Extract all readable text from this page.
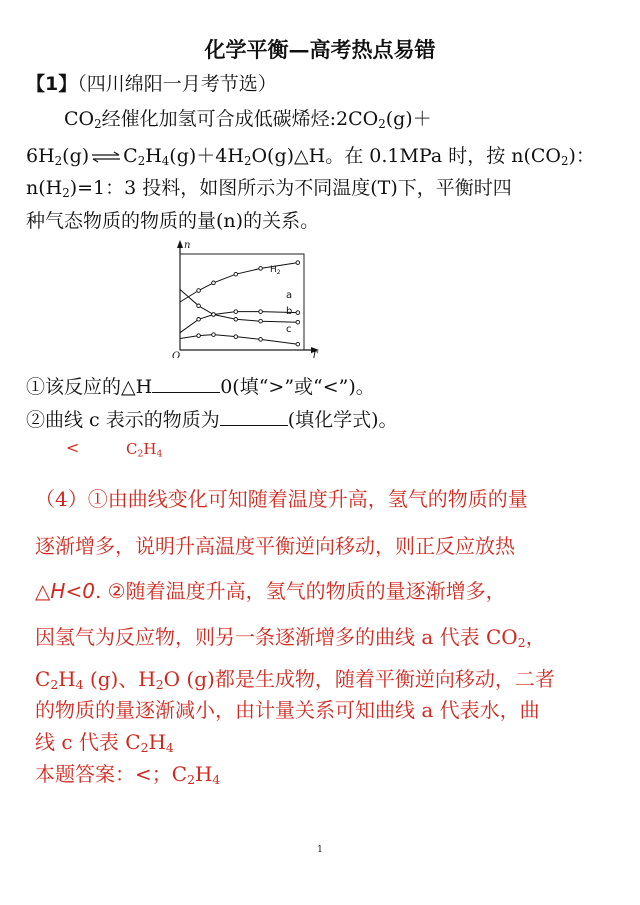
化学平衡—高考热点易错
【1】（四川绵阳一月考节选）
$CO_2$经催化加氢可合成低碳烯烃$:2CO_2(g)+$
$6H_2(g)$ ⇌ $C_2H_4(g)+4H_2O(g)\triangle H$。在 0.1MPa 时，按 $n(CO_2)$：
$n(H_2)=1$：3 投料，如图所示为不同温度(T)下，平衡时四
种气态物质的物质的量(n)的关系。
n
T
O
$H_2$
a
b
c
①该反应的△H	0(填“>”或“<”)。
②曲线 c 表示的物质为	(填化学式)。
<	$C_2H_4$
（4）①由曲线变化可知随着温度升高，氢气的物质的量
逐渐增多，说明升高温度平衡逆向移动，则正反应放热
△H<0. ②随着温度升高，氢气的物质的量逐渐增多，
因氢气为反应物，则另一条逐渐增多的曲线 a 代表 $CO_2$，
$C_2H_4$ (g)、$H_2O$ (g)都是生成物，随着平衡逆向移动，二者
的物质的量逐渐减小，由计量关系可知曲线 a 代表水，曲
线 c 代表 $C_2H_4$
本题答案：<；$C_2H_4$
1
